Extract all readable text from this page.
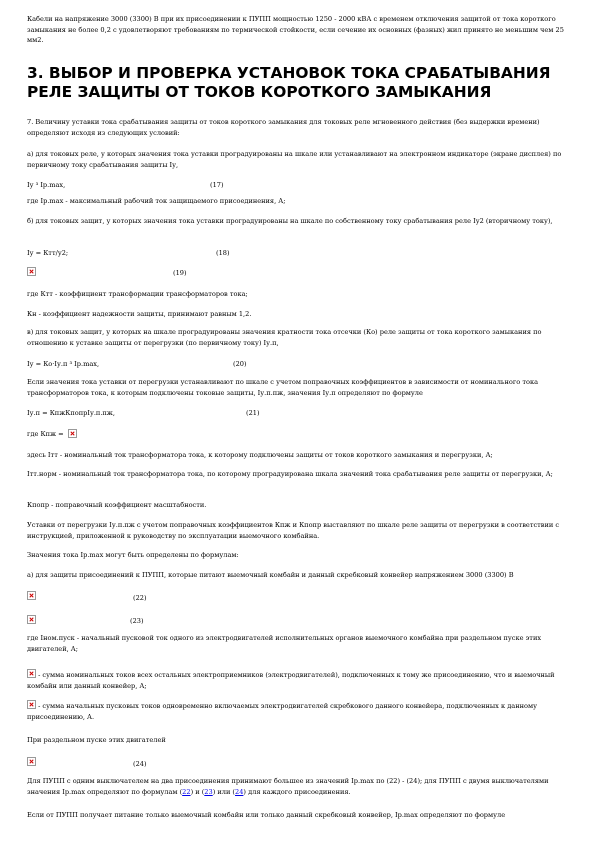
Кабели на напряжение 3000 (3300) В при их присоединении к ПУПП мощностью 1250 - 2000 кВА с временем отключения защитой от тока короткого замыкания не более 0,2 с удовлетворяют требованиям по термической стойкости, если сечение их основных (фазных) жил принято не меньшим чем 25 мм2.

3. ВЫБОР И ПРОВЕРКА УСТАНОВОК ТОКА СРАБАТЫВАНИЯ РЕЛЕ ЗАЩИТЫ ОТ ТОКОВ КОРОТКОГО ЗАМЫКАНИЯ

7. Величину уставки тока срабатывания защиты от токов короткого замыкания для токовых реле мгновенного действия (без выдержки времени) определяют исходя из следующих условий:

а) для токовых реле, у которых значения тока уставки проградуированы на шкале или устанавливают на электронном индикаторе (экране дисплея) по первичному току срабатывания защиты Iу,

Iу ³ Ip.max,	(17)

где Ip.max - максимальный рабочий ток защищаемого присоединения, А;

б) для токовых защит, у которых значения тока уставки проградуированы на шкале по собственному току срабатывания реле Iу2 (вторичному току),

Iу = Ктт/у2;	(18)
(19)

где Ктт - коэффициент трансформации трансформаторов тока;

Кн - коэффициент надежности защиты, принимают равным 1,2.

в) для токовых защит, у которых на шкале проградуированы значения кратности тока отсечки (Ко) реле защиты от тока короткого замыкания по отношению к уставке защиты от перегрузки (по первичному току) Iу.п,

Iу = Ко·Iу.п ³ Ip.max,	(20)

Если значения тока уставки от перегрузки устанавливают по шкале с учетом поправочных коэффициентов в зависимости от номинального тока трансформаторов тока, к которым подключены токовые защиты, Iу.п.пж, значения Iу.п определяют по формуле

Iу.п = КпжКпопрIу.п.пж,	(21)
где Кпж =

здесь Iтт - номинальный ток трансформатора тока, к которому подключены защиты от токов короткого замыкания и перегрузки, А;

Iтт.норм - номинальный ток трансформатора тока, по которому проградуирована шкала значений тока срабатывания реле защиты от перегрузки, А;

Кпопр - поправочный коэффициент масштабности.

Уставки от перегрузки Iу.п.пж с учетом поправочных коэффициентов Кпж и Кпопр выставляют по шкале реле защиты от перегрузки в соответствии с инструкцией, приложенной к руководству по эксплуатации выемочного комбайна.

Значения тока Ip.max могут быть определены по формулам:

а) для защиты присоединений к ПУПП, которые питают выемочный комбайн и данный скребковый конвейер напряжением 3000 (3300) В

(22)
(23)

где Iном.пуск - начальный пусковой ток одного из электродвигателей исполнительных органов выемочного комбайна при раздельном пуске этих двигателей, А;

- сумма номинальных токов всех остальных электроприемников (электродвигателей), подключенных к тому же присоединению, что и выемочный комбайн или данный конвейер, А;
- сумма начальных пусковых токов одновременно включаемых электродвигателей скребкового данного конвейера, подключенных к данному присоединению, А.

При раздельном пуске этих двигателей

(24)

Для ПУПП с одним выключателем на два присоединения принимают большее из значений Ip.max по (22) - (24); для ПУПП с двумя выключателями значения Ip.max определяют по формулам (22) и (23) или (24) для каждого присоединения.

Если от ПУПП получает питание только выемочный комбайн или только данный скребковый конвейер, Ip.max определяют по формуле
